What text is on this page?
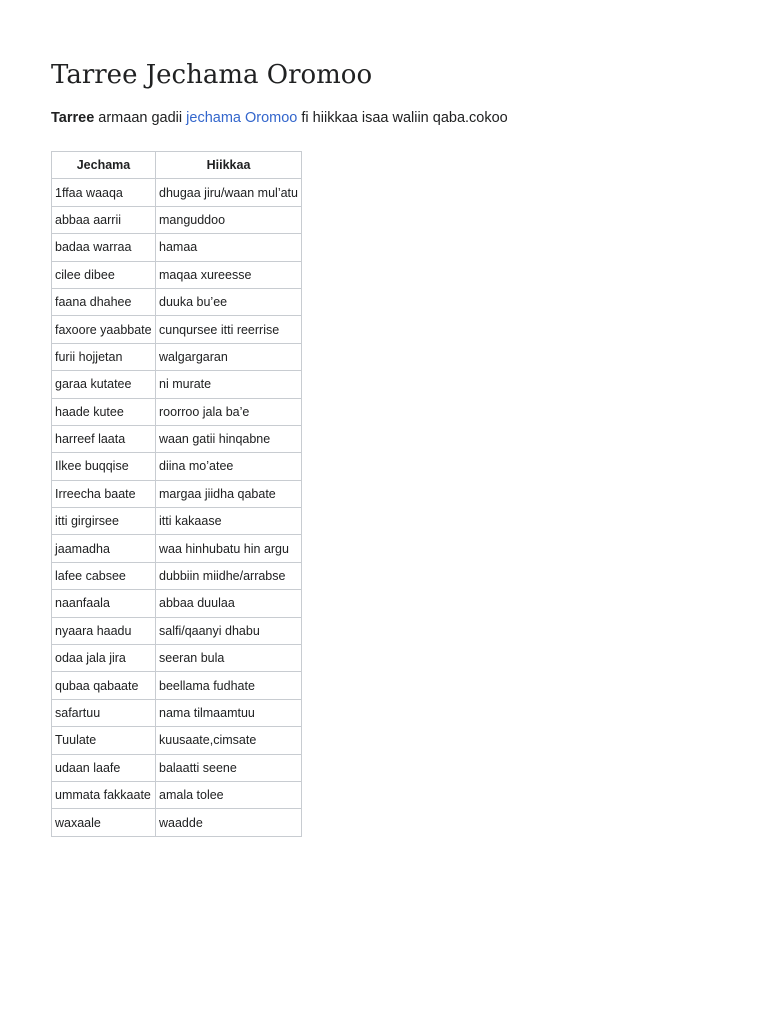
Tarree Jechama Oromoo

Tarree armaan gadii jechama Oromoo fi hiikkaa isaa waliin qaba.cokoo

Jechama	Hiikkaa
1ffaa waaqa	dhugaa jiru/waan mul’atu
abbaa aarrii	manguddoo
badaa warraa	hamaa
cilee dibee	maqaa xureesse
faana dhahee	duuka bu’ee
faxoore yaabbate	cunqursee itti reerrise
furii hojjetan	walgargaran
garaa kutatee	ni murate
haade kutee	roorroo jala ba’e
harreef laata	waan gatii hinqabne
Ilkee buqqise	diina mo’atee
Irreecha baate	margaa jiidha qabate
itti girgirsee	itti kakaase
jaamadha	waa hinhubatu hin argu
lafee cabsee	dubbiin miidhe/arrabse
naanfaala	abbaa duulaa
nyaara haadu	salfi/qaanyi dhabu
odaa jala jira	seeran bula
qubaa qabaate	beellama fudhate
safartuu	nama tilmaamtuu
Tuulate	kuusaate,cimsate
udaan laafe	balaatti seene
ummata fakkaate	amala tolee
waxaale	waadde
